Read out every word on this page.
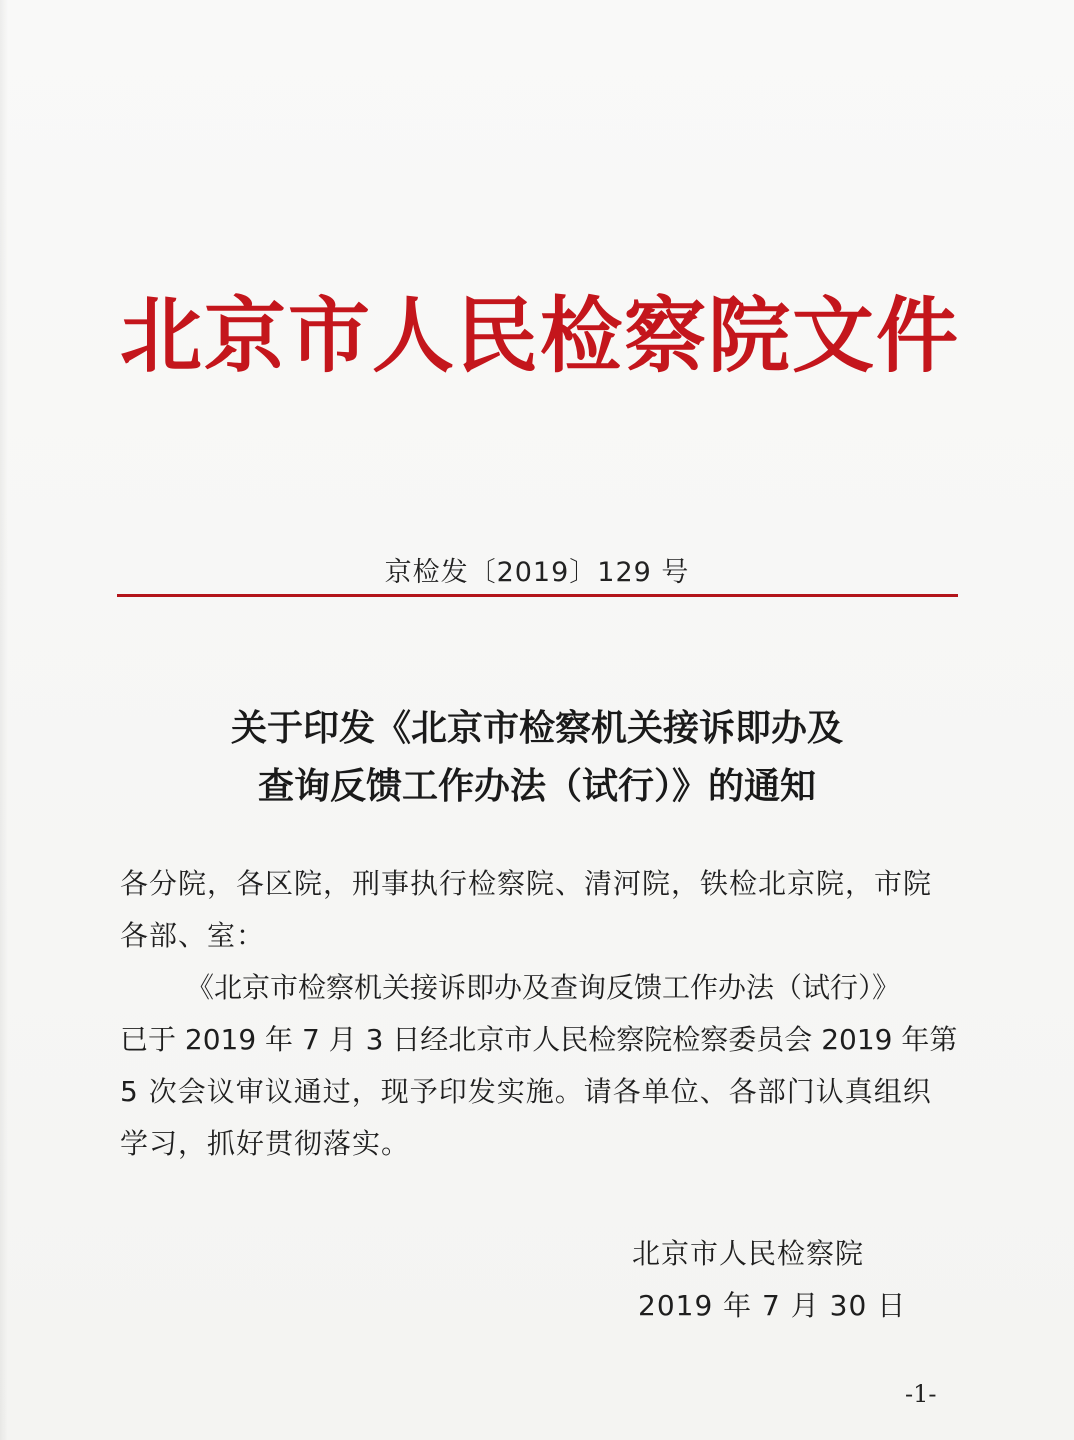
北京市人民检察院文件
京检发〔2019〕129 号
关于印发《北京市检察机关接诉即办及
查询反馈工作办法（试行）》的通知
各分院，各区院，刑事执行检察院、清河院，铁检北京院，市院
各部、室：
《北京市检察机关接诉即办及查询反馈工作办法（试行）》
已于 2019 年 7 月 3 日经北京市人民检察院检察委员会 2019 年第
5 次会议审议通过，现予印发实施。请各单位、各部门认真组织
学习，抓好贯彻落实。
北京市人民检察院
2019 年 7 月 30 日
-1-
